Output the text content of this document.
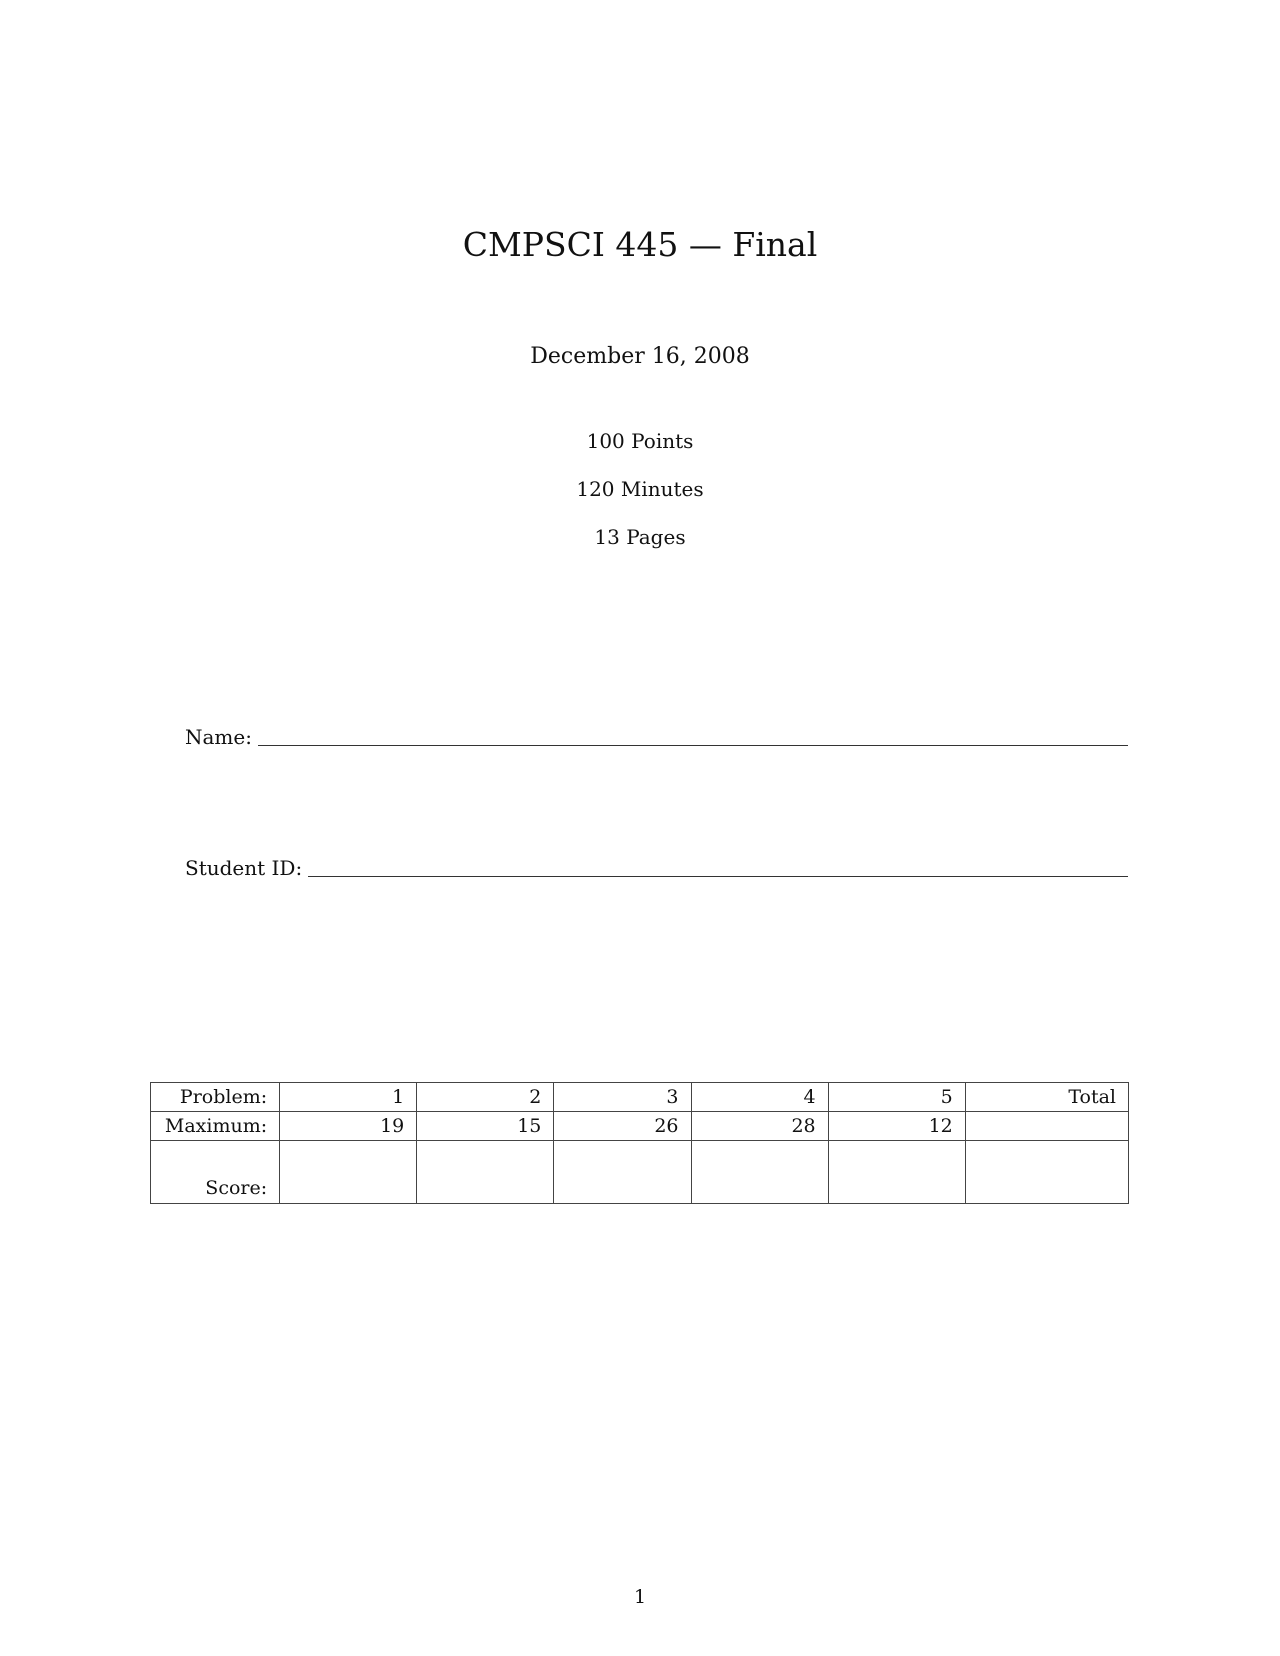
CMPSCI 445 — Final
December 16, 2008
100 Points
120 Minutes
13 Pages
Name:
Student ID:
Problem:	1	2	3	4	5	Total
Maximum:	19	15	26	28	12	
Score:						
1
